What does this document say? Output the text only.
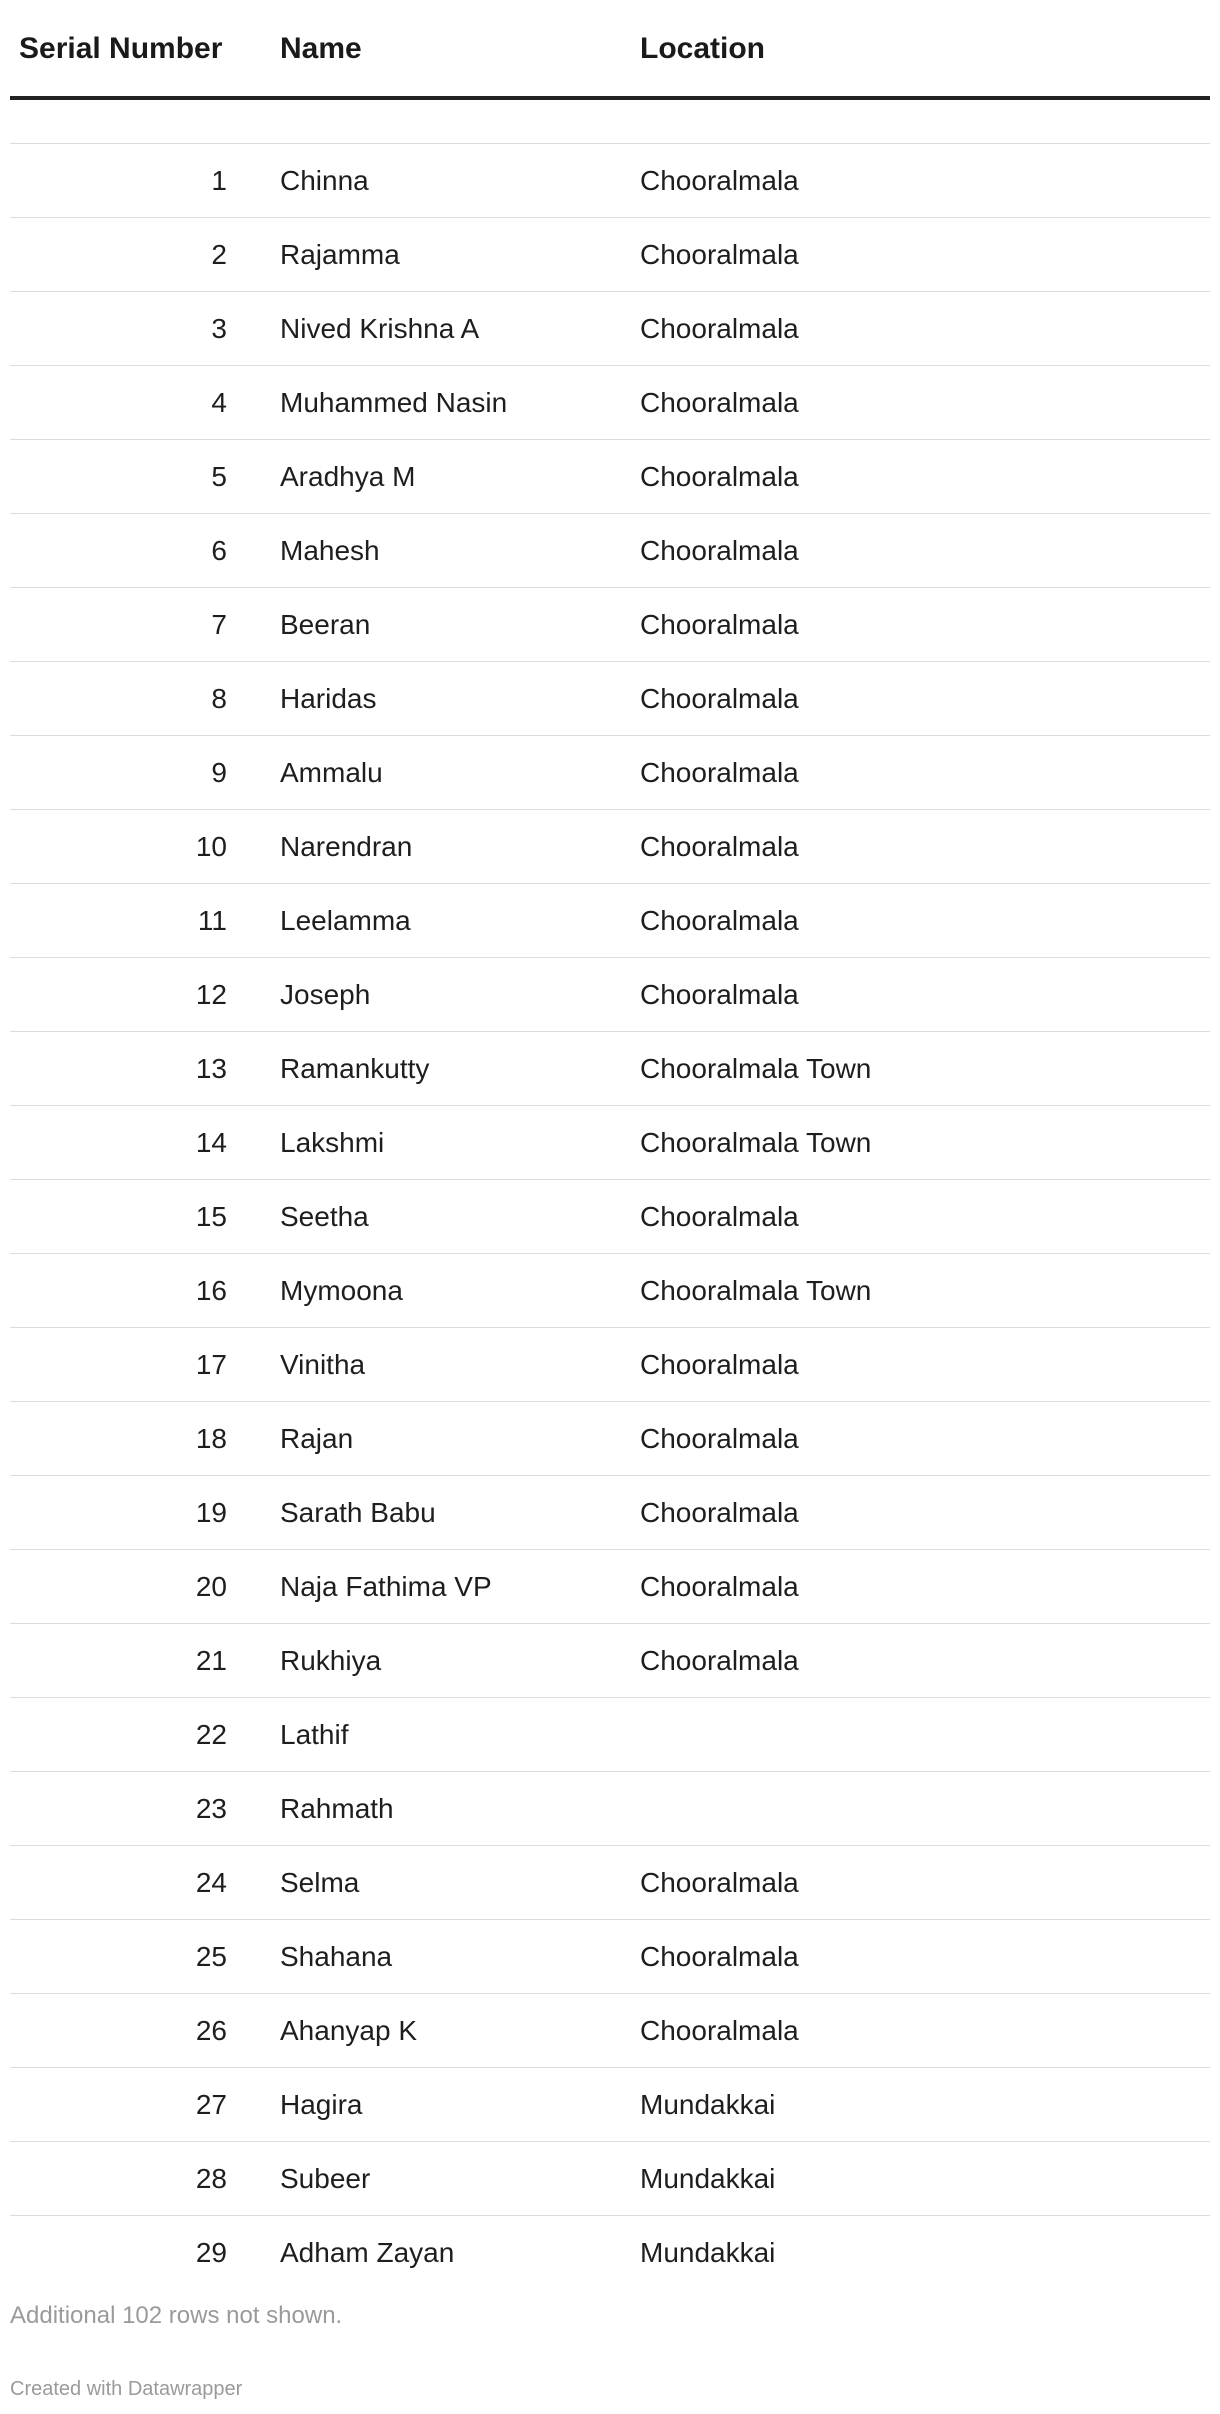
Serial Number	Name	Location

1	Chinna	Chooralmala
2	Rajamma	Chooralmala
3	Nived Krishna A	Chooralmala
4	Muhammed Nasin	Chooralmala
5	Aradhya M	Chooralmala
6	Mahesh	Chooralmala
7	Beeran	Chooralmala
8	Haridas	Chooralmala
9	Ammalu	Chooralmala
10	Narendran	Chooralmala
11	Leelamma	Chooralmala
12	Joseph	Chooralmala
13	Ramankutty	Chooralmala Town
14	Lakshmi	Chooralmala Town
15	Seetha	Chooralmala
16	Mymoona	Chooralmala Town
17	Vinitha	Chooralmala
18	Rajan	Chooralmala
19	Sarath Babu	Chooralmala
20	Naja Fathima VP	Chooralmala
21	Rukhiya	Chooralmala
22	Lathif	
23	Rahmath	
24	Selma	Chooralmala
25	Shahana	Chooralmala
26	Ahanyap K	Chooralmala
27	Hagira	Mundakkai
28	Subeer	Mundakkai
29	Adham Zayan	Mundakkai
Additional 102 rows not shown.
Created with Datawrapper
